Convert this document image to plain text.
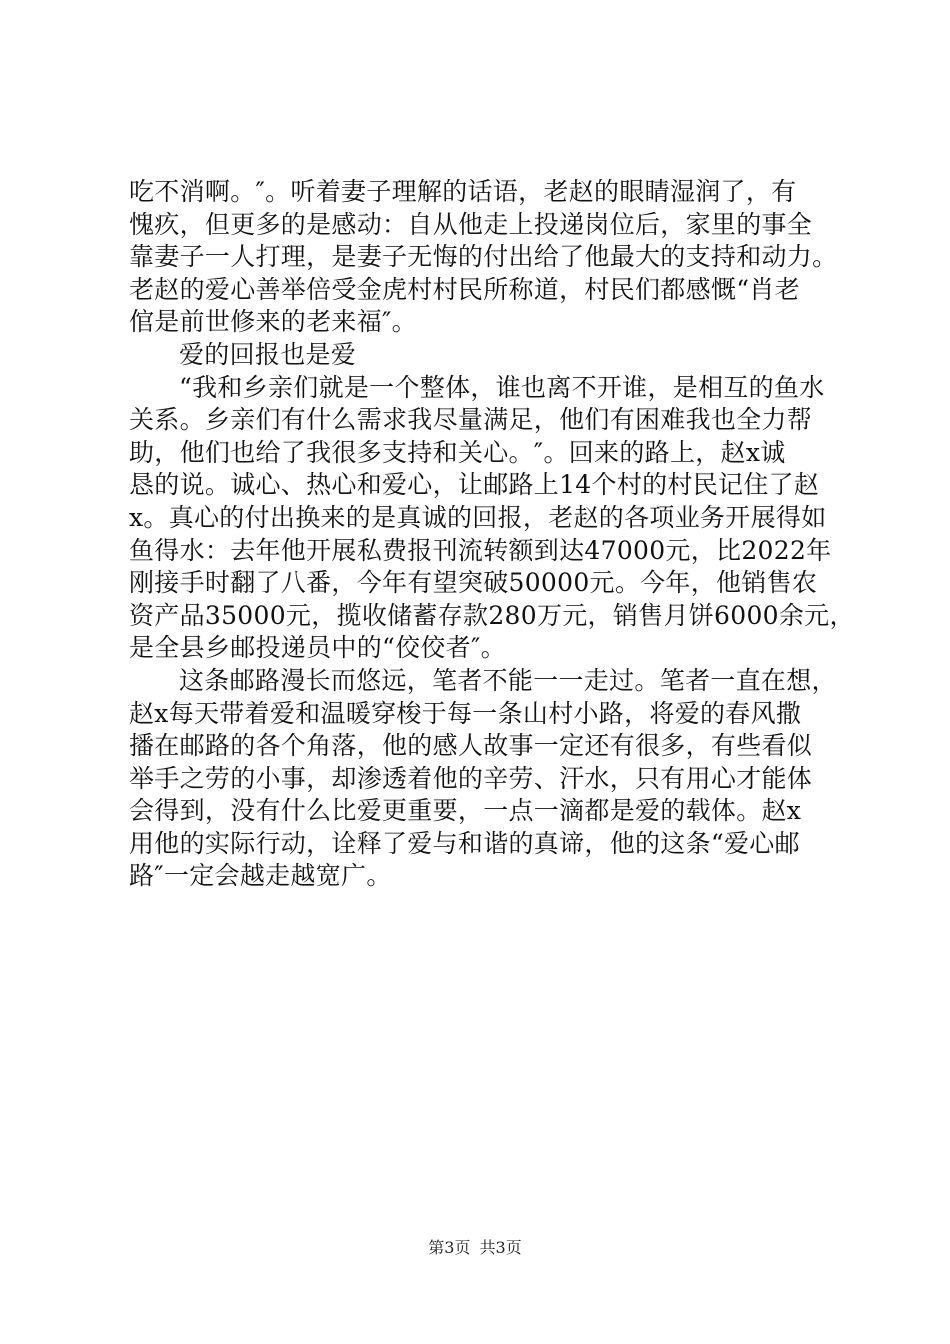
吃不消啊。″。听着妻子理解的话语，老赵的眼睛湿润了，有
愧疚，但更多的是感动：自从他走上投递岗位后，家里的事全
靠妻子一人打理，是妻子无悔的付出给了他最大的支持和动力。
老赵的爱心善举倍受金虎村村民所称道，村民们都感慨“肖老
倌是前世修来的老来福″。
爱的回报也是爱
“我和乡亲们就是一个整体，谁也离不开谁，是相互的鱼水
关系。乡亲们有什么需求我尽量满足，他们有困难我也全力帮
助，他们也给了我很多支持和关心。″。回来的路上，赵x诚
恳的说。诚心、热心和爱心，让邮路上14个村的村民记住了赵
x。真心的付出换来的是真诚的回报，老赵的各项业务开展得如
鱼得水：去年他开展私费报刊流转额到达47000元，比2022年
刚接手时翻了八番，今年有望突破50000元。今年，他销售农
资产品35000元，揽收储蓄存款280万元，销售月饼6000余元，
是全县乡邮投递员中的“佼佼者″。
这条邮路漫长而悠远，笔者不能一一走过。笔者一直在想，
赵x每天带着爱和温暖穿梭于每一条山村小路，将爱的春风撒
播在邮路的各个角落，他的感人故事一定还有很多，有些看似
举手之劳的小事，却渗透着他的辛劳、汗水，只有用心才能体
会得到，没有什么比爱更重要，一点一滴都是爱的载体。赵x
用他的实际行动，诠释了爱与和谐的真谛，他的这条“爱心邮
路″一定会越走越宽广。
第3页 共3页
